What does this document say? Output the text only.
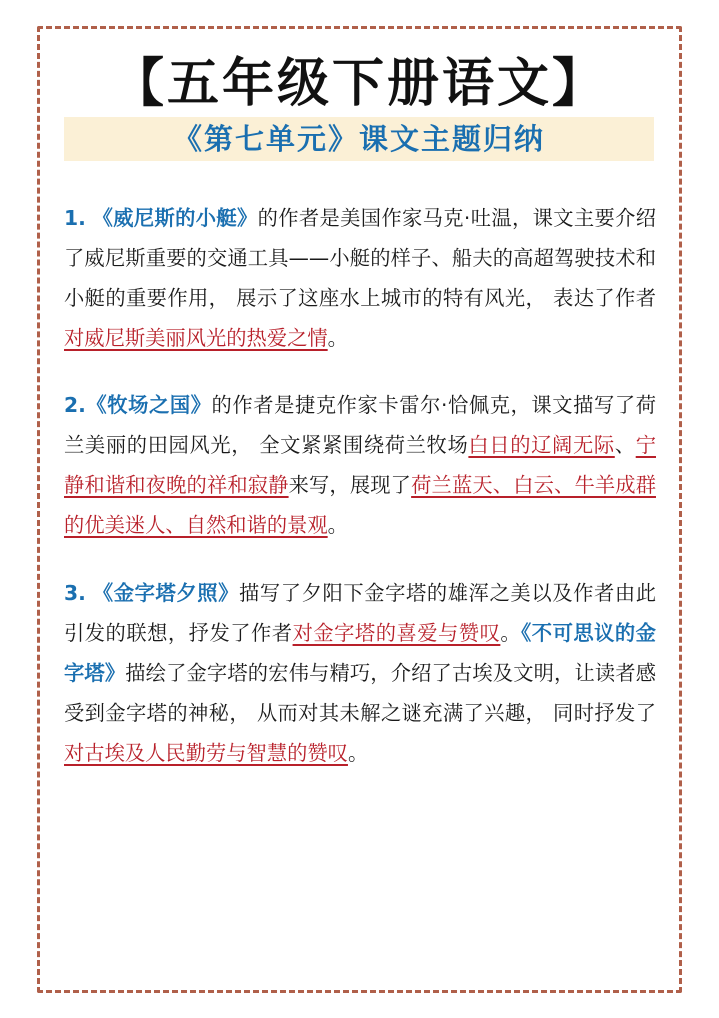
【五年级下册语文】
《第七单元》课文主题归纳

1. 《威尼斯的小艇》的作者是美国作家马克·吐温，课文主要介绍了威尼斯重要的交通工具——小艇的样子、船夫的高超驾驶技术和小艇的重要作用， 展示了这座水上城市的特有风光， 表达了作者对威尼斯美丽风光的热爱之情。

2.《牧场之国》的作者是捷克作家卡雷尔·恰佩克，课文描写了荷兰美丽的田园风光， 全文紧紧围绕荷兰牧场白日的辽阔无际、宁静和谐和夜晚的祥和寂静来写，展现了荷兰蓝天、白云、牛羊成群的优美迷人、自然和谐的景观。

3. 《金字塔夕照》描写了夕阳下金字塔的雄浑之美以及作者由此引发的联想，抒发了作者对金字塔的喜爱与赞叹。《不可思议的金字塔》描绘了金字塔的宏伟与精巧，介绍了古埃及文明，让读者感受到金字塔的神秘， 从而对其未解之谜充满了兴趣， 同时抒发了对古埃及人民勤劳与智慧的赞叹。
